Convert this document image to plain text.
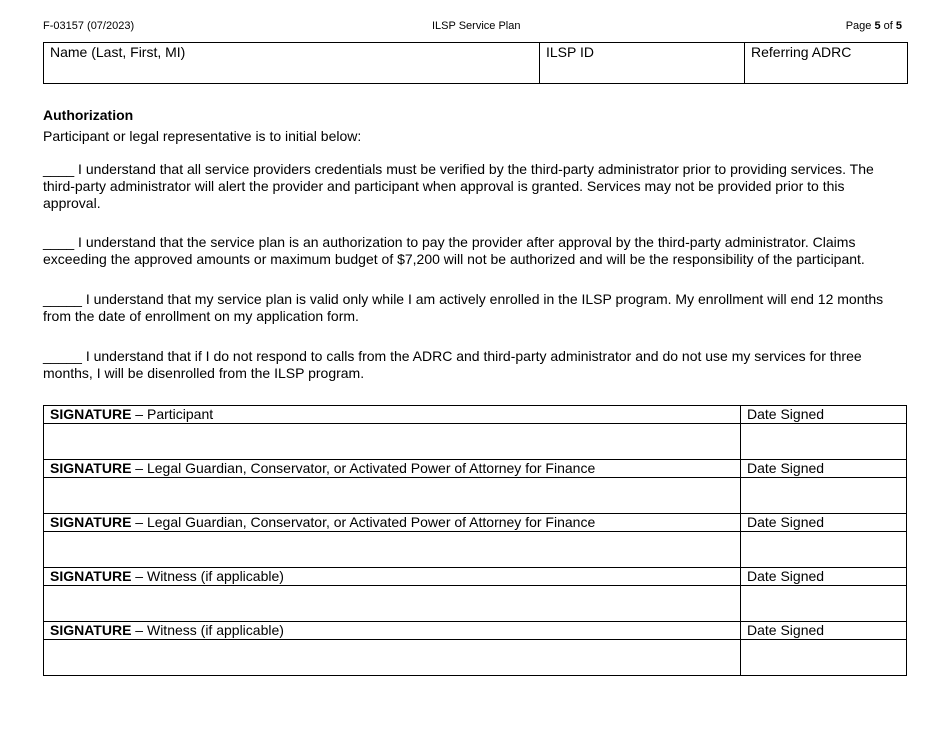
F-03157 (07/2023)	ILSP Service Plan	Page 5 of 5
Name (Last, First, MI)	ILSP ID	Referring ADRC
Authorization
Participant or legal representative is to initial below:
____ I understand that all service providers credentials must be verified by the third-party administrator prior to providing services. The third-party administrator will alert the provider and participant when approval is granted. Services may not be provided prior to this approval.
____ I understand that the service plan is an authorization to pay the provider after approval by the third-party administrator. Claims exceeding the approved amounts or maximum budget of $7,200 will not be authorized and will be the responsibility of the participant.
_____ I understand that my service plan is valid only while I am actively enrolled in the ILSP program. My enrollment will end 12 months from the date of enrollment on my application form.
_____ I understand that if I do not respond to calls from the ADRC and third-party administrator and do not use my services for three months, I will be disenrolled from the ILSP program.
SIGNATURE – Participant	Date Signed

SIGNATURE – Legal Guardian, Conservator, or Activated Power of Attorney for Finance	Date Signed

SIGNATURE – Legal Guardian, Conservator, or Activated Power of Attorney for Finance	Date Signed

SIGNATURE – Witness (if applicable)	Date Signed

SIGNATURE – Witness (if applicable)	Date Signed
